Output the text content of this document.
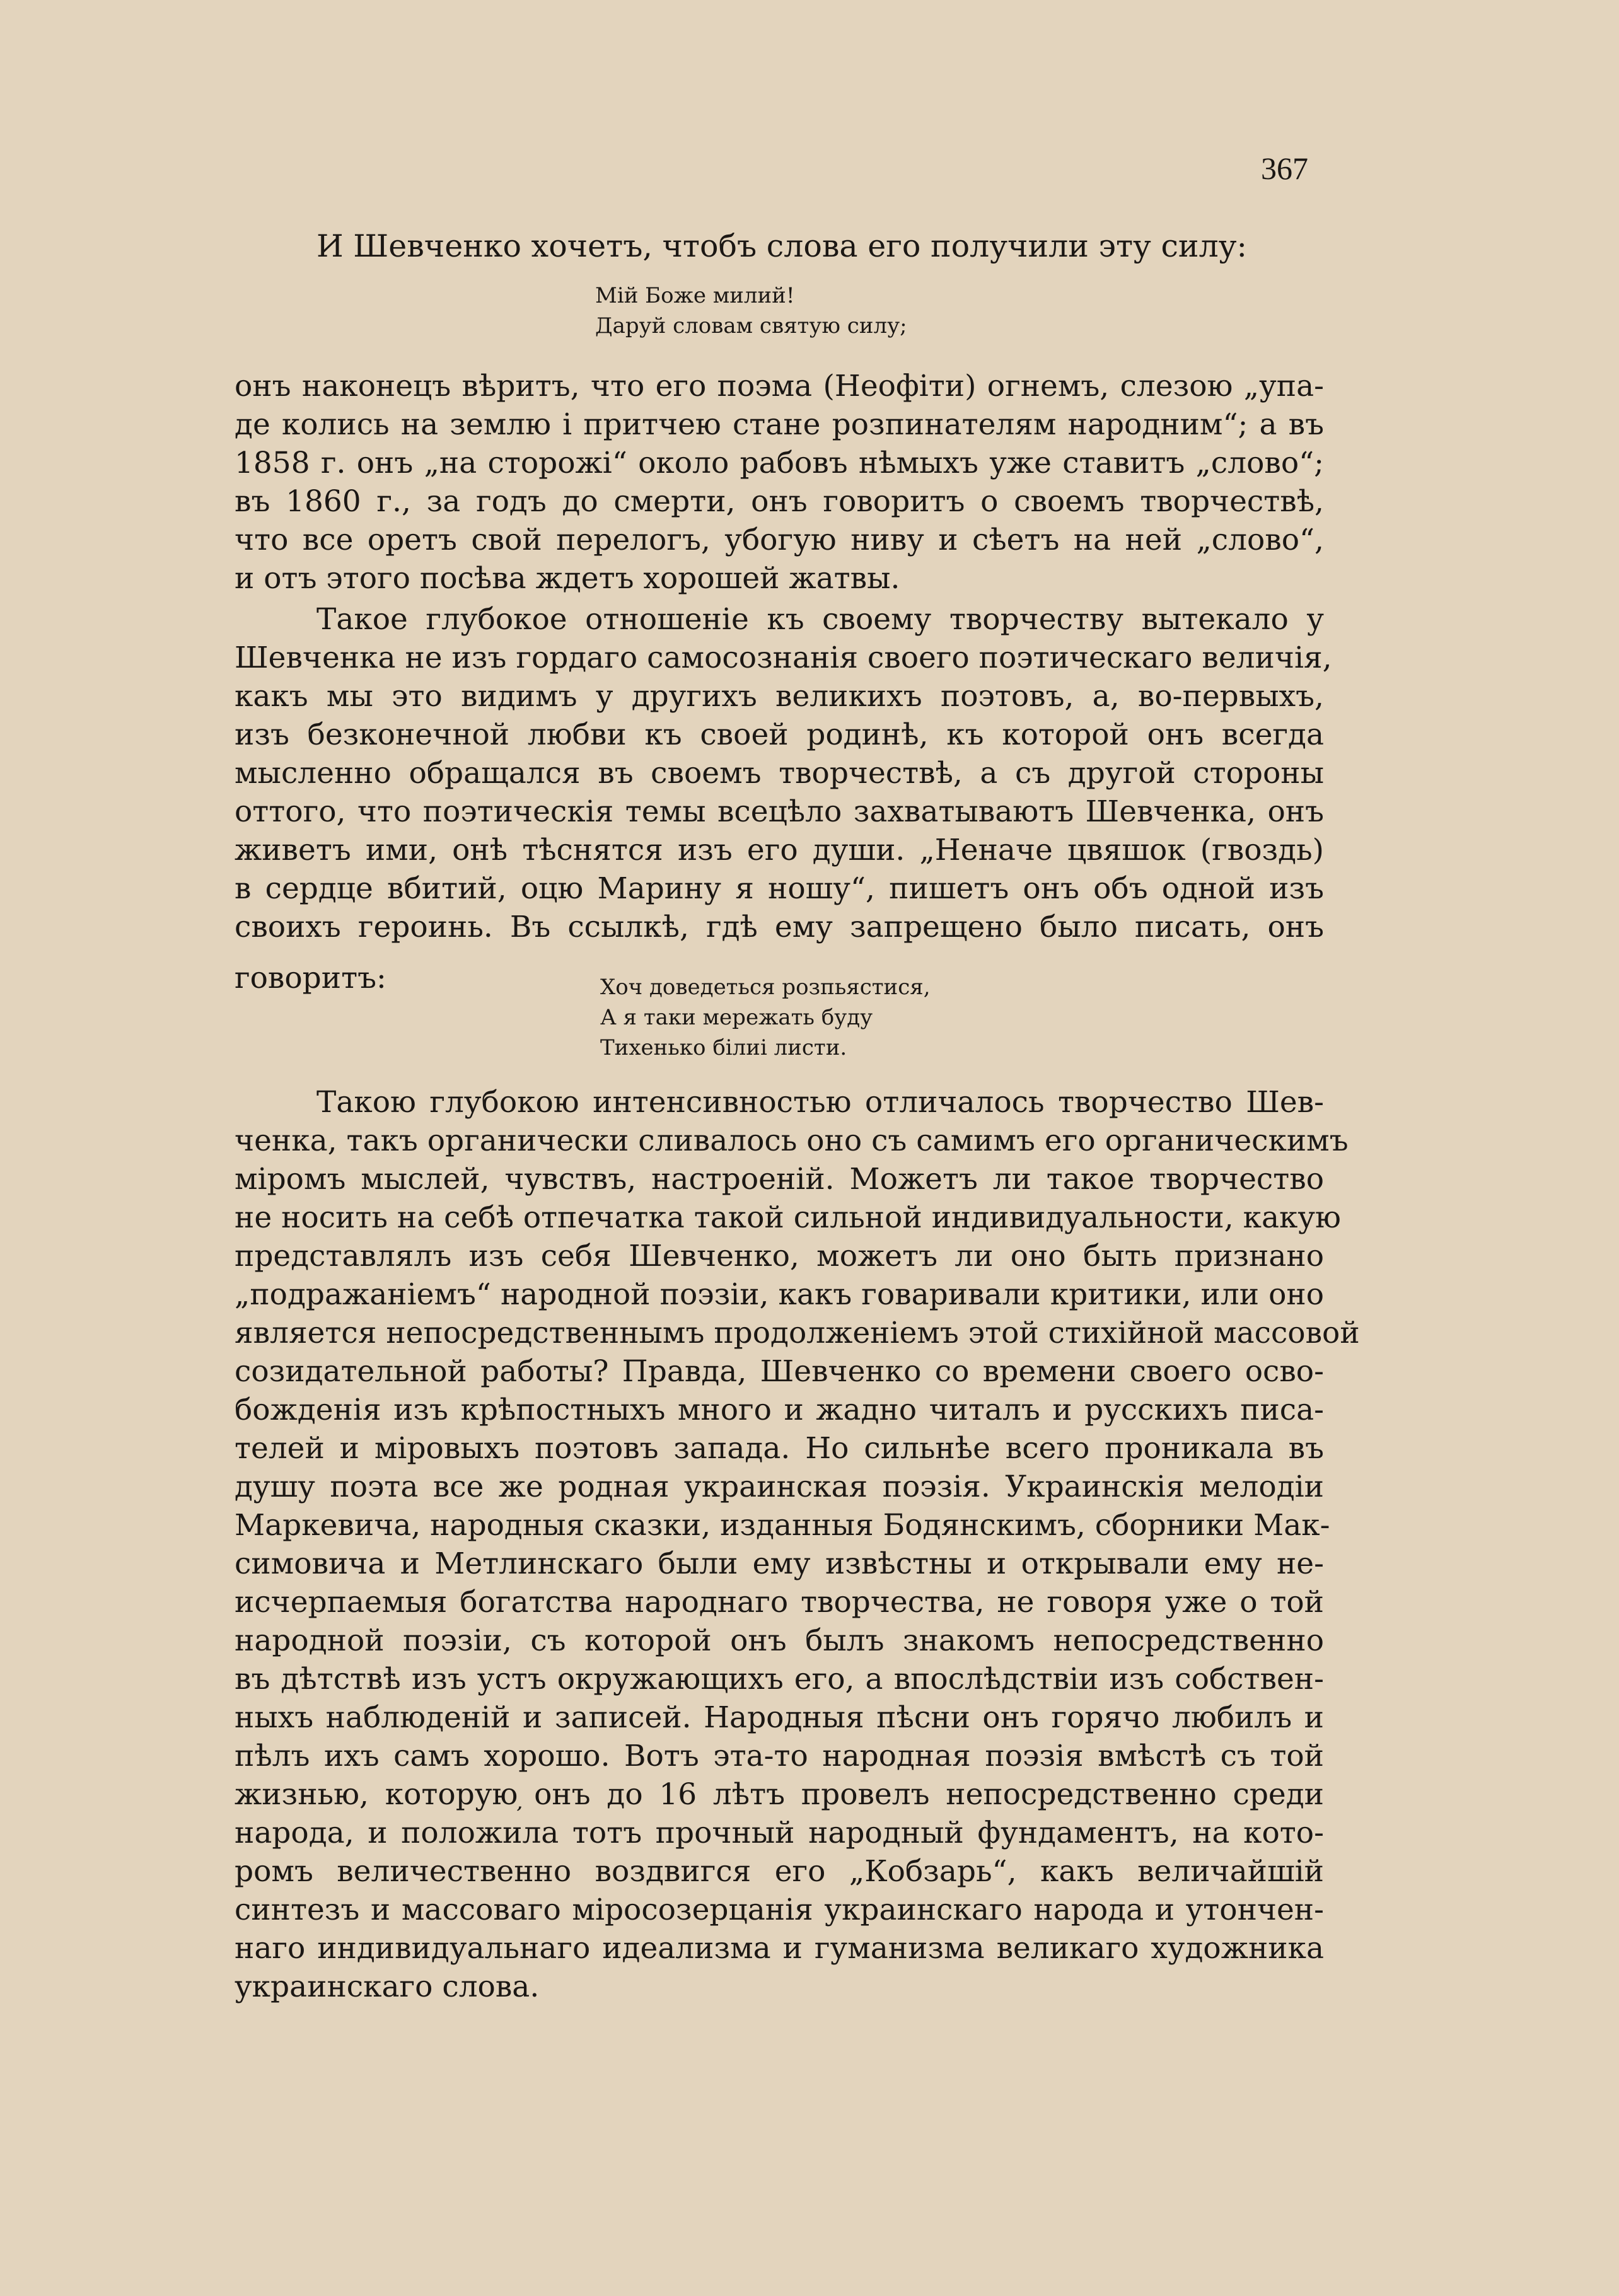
367
И Шевченко хочетъ, чтобъ слова его получили эту силу:
Мій Боже милий!
Даруй словам святую силу;
онъ наконецъ вѣритъ, что его поэма (Неофіти) огнемъ, слезою „упа-
де колись на землю і притчею стане розпинателям народним“; а въ
1858 г. онъ „на сторожі“ около рабовъ нѣмыхъ уже ставитъ „слово“;
въ 1860 г., за годъ до смерти, онъ говоритъ о своемъ творчествѣ,
что все оретъ свой перелогъ, убогую ниву и сѣетъ на ней „слово“,
и отъ этого посѣва ждетъ хорошей жатвы.
Такое глубокое отношеніе къ своему творчеству вытекало у
Шевченка не изъ гордаго самосознанія своего поэтическаго величія,
какъ мы это видимъ у другихъ великихъ поэтовъ, а, во-первыхъ,
изъ безконечной любви къ своей родинѣ, къ которой онъ всегда
мысленно обращался въ своемъ творчествѣ, а съ другой стороны
оттого, что поэтическія темы всецѣло захватываютъ Шевченка, онъ
живетъ ими, онѣ тѣснятся изъ его души. „Неначе цвяшок (гвоздь)
в сердце вбитий, оцю Марину я ношу“, пишетъ онъ объ одной изъ
своихъ героинь. Въ ссылкѣ, гдѣ ему запрещено было писать, онъ
говоритъ:	Хоч доведеться розпьястися,
А я таки мережать буду
Тихенько білиі листи.
Такою глубокою интенсивностью отличалось творчество Шев-
ченка, такъ органически сливалось оно съ самимъ его органическимъ
міромъ мыслей, чувствъ, настроеній. Можетъ ли такое творчество
не носить на себѣ отпечатка такой сильной индивидуальности, какую
представлялъ изъ себя Шевченко, можетъ ли оно быть признано
„подражаніемъ“ народной поэзіи, какъ говаривали критики, или оно
является непосредственнымъ продолженіемъ этой стихійной массовой
созидательной работы? Правда, Шевченко со времени своего осво-
божденія изъ крѣпостныхъ много и жадно читалъ и русскихъ писа-
телей и міровыхъ поэтовъ запада. Но сильнѣе всего проникала въ
душу поэта все же родная украинская поэзія. Украинскія мелодіи
Маркевича, народныя сказки, изданныя Бодянскимъ, сборники Мак-
симовича и Метлинскаго были ему извѣстны и открывали ему не-
исчерпаемыя богатства народнаго творчества, не говоря уже о той
народной поэзіи, съ которой онъ былъ знакомъ непосредственно
въ дѣтствѣ изъ устъ окружающихъ его, а впослѣдствіи изъ собствен-
ныхъ наблюденій и записей. Народныя пѣсни онъ горячо любилъ и
пѣлъ ихъ самъ хорошо. Вотъ эта-то народная поэзія вмѣстѣ съ той
жизнью, которую ̦онъ до 16 лѣтъ провелъ непосредственно среди
народа, и положила тотъ прочный народный фундаментъ, на кото-
ромъ величественно воздвигся его „Кобзарь“, какъ величайшій
синтезъ и массоваго міросозерцанія украинскаго народа и утончен-
наго индивидуальнаго идеализма и гуманизма великаго художника
украинскаго слова.
